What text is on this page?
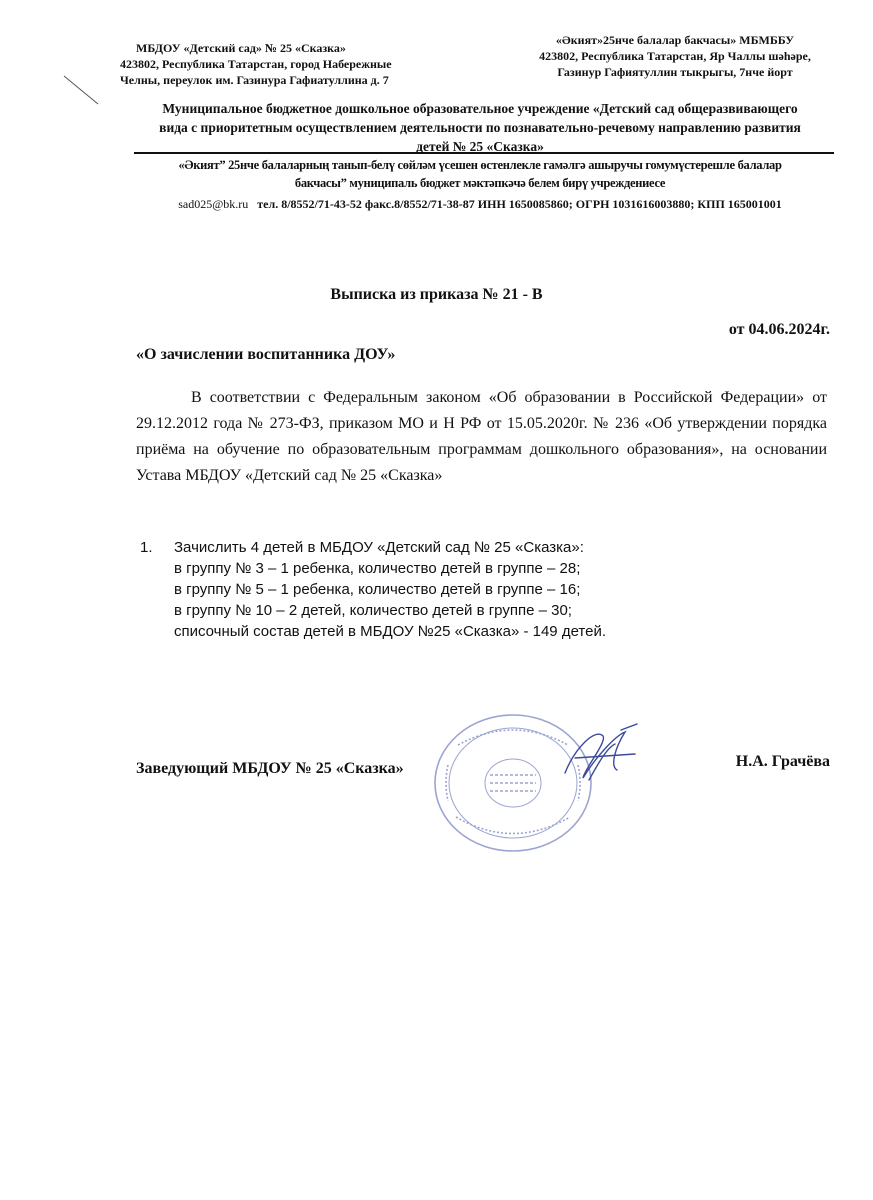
МБДОУ «Детский сад» № 25 «Сказка»
423802, Республика Татарстан, город Набережные
Челны, переулок им. Газинура Гафиатуллина д. 7
«Әкият»25нче балалар бакчасы» МБМББУ
423802, Республика Татарстан, Яр Чаллы шәһәре,
Газинур Гафиятуллин тыкрыгы, 7нче йорт
Муниципальное бюджетное дошкольное образовательное учреждение «Детский сад общеразвивающего
вида с приоритетным осуществлением деятельности по познавательно-речевому направлению развития
детей № 25 «Сказка»
«Әкият” 25нче балаларның танып-белү сөйләм үсешен өстенлекле гамәлгә ашыручы гомумүстерешле балалар
бакчасы” муниципаль бюджет мәктәпкәчә белем бирү учреждениесе
sad025@bk.ru тел. 8/8552/71-43-52 факс.8/8552/71-38-87 ИНН 1650085860; ОГРН 1031616003880; КПП 165001001
Выписка из приказа № 21 - В
от 04.06.2024г.
«О зачислении воспитанника ДОУ»
В соответствии с Федеральным законом «Об образовании в Российской Федерации» от 29.12.2012 года № 273-ФЗ, приказом МО и Н РФ от 15.05.2020г. № 236 «Об утверждении порядка приёма на обучение по образовательным программам дошкольного образования», на основании Устава МБДОУ «Детский сад № 25 «Сказка»
1. Зачислить 4 детей в МБДОУ «Детский сад № 25 «Сказка»:
в группу № 3 – 1 ребенка, количество детей в группе – 28;
в группу № 5 – 1 ребенка, количество детей в группе – 16;
в группу № 10 – 2 детей, количество детей в группе – 30;
списочный состав детей в МБДОУ №25 «Сказка» - 149 детей.
Заведующий МБДОУ № 25 «Сказка»	Н.А. Грачёва
